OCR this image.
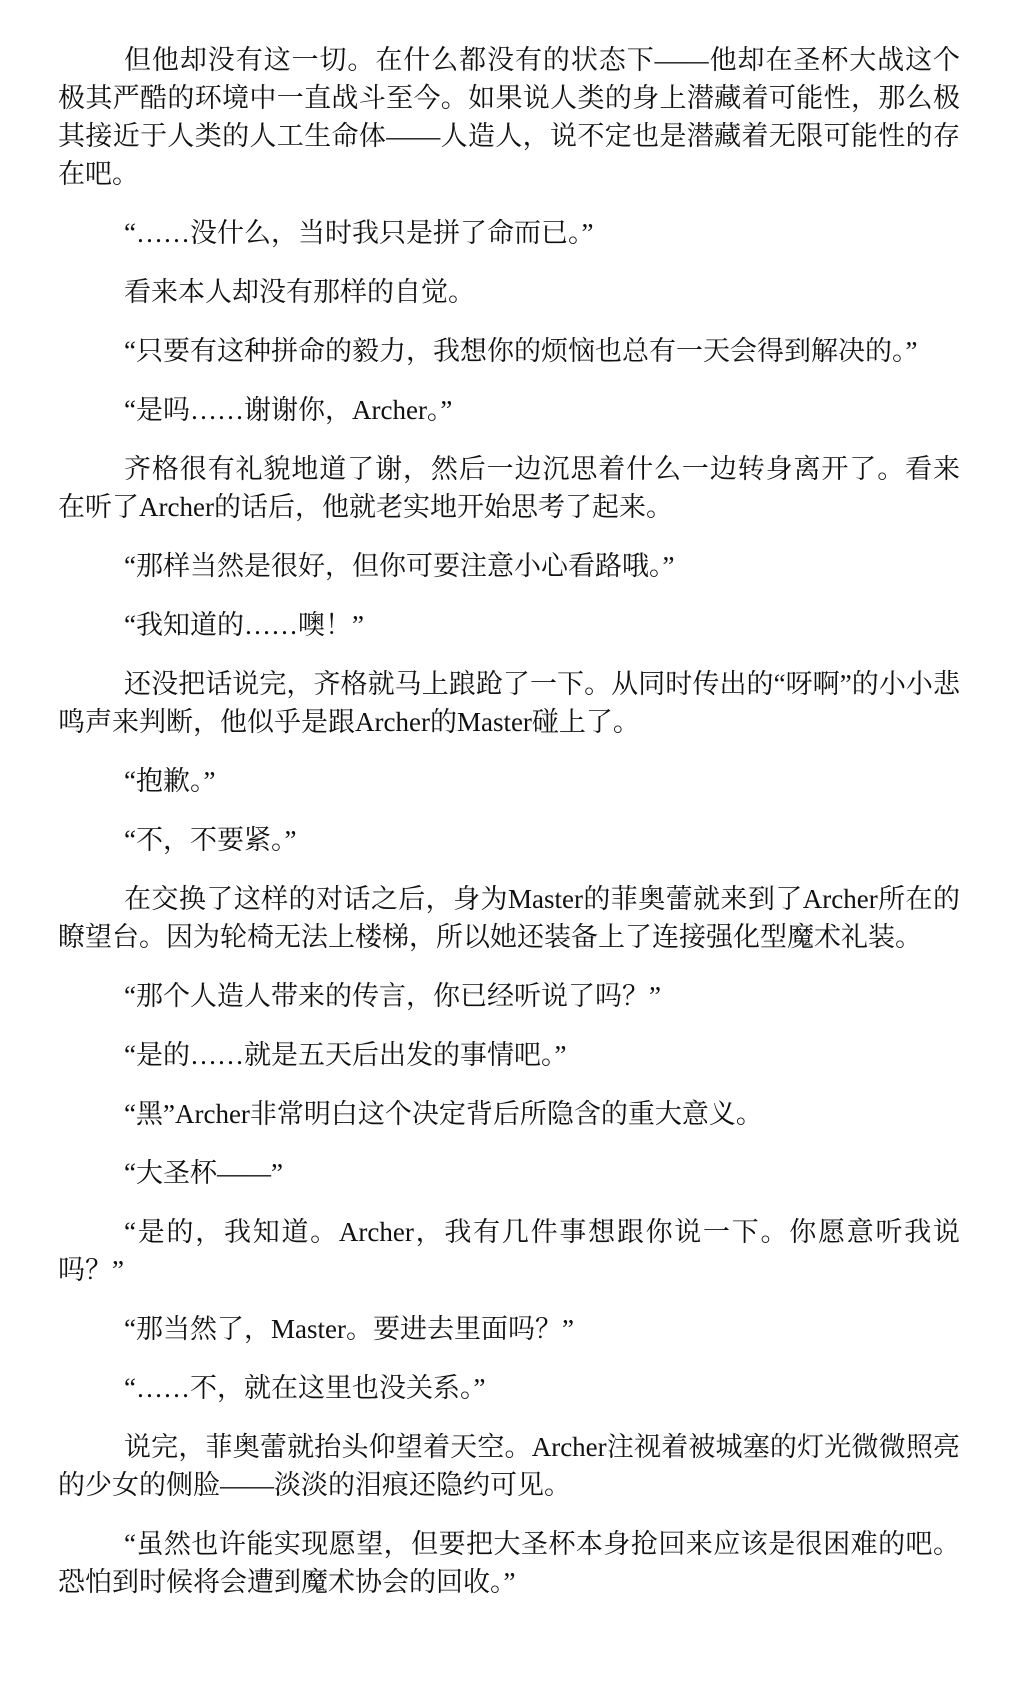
但他却没有这一切。在什么都没有的状态下——他却在圣杯大战这个极其严酷的环境中一直战斗至今。如果说人类的身上潜藏着可能性，那么极其接近于人类的人工生命体——人造人，说不定也是潜藏着无限可能性的存在吧。

“……没什么，当时我只是拼了命而已。”

看来本人却没有那样的自觉。

“只要有这种拼命的毅力，我想你的烦恼也总有一天会得到解决的。”

“是吗……谢谢你，Archer。”

齐格很有礼貌地道了谢，然后一边沉思着什么一边转身离开了。看来在听了Archer的话后，他就老实地开始思考了起来。

“那样当然是很好，但你可要注意小心看路哦。”

“我知道的……噢！”

还没把话说完，齐格就马上踉跄了一下。从同时传出的“呀啊”的小小悲鸣声来判断，他似乎是跟Archer的Master碰上了。

“抱歉。”

“不，不要紧。”

在交换了这样的对话之后，身为Master的菲奥蕾就来到了Archer所在的瞭望台。因为轮椅无法上楼梯，所以她还装备上了连接强化型魔术礼装。

“那个人造人带来的传言，你已经听说了吗？”

“是的……就是五天后出发的事情吧。”

“黑”Archer非常明白这个决定背后所隐含的重大意义。

“大圣杯——”

“是的，我知道。Archer，我有几件事想跟你说一下。你愿意听我说吗？”

“那当然了，Master。要进去里面吗？”

“……不，就在这里也没关系。”

说完，菲奥蕾就抬头仰望着天空。Archer注视着被城塞的灯光微微照亮的少女的侧脸——淡淡的泪痕还隐约可见。

“虽然也许能实现愿望，但要把大圣杯本身抢回来应该是很困难的吧。恐怕到时候将会遭到魔术协会的回收。”
